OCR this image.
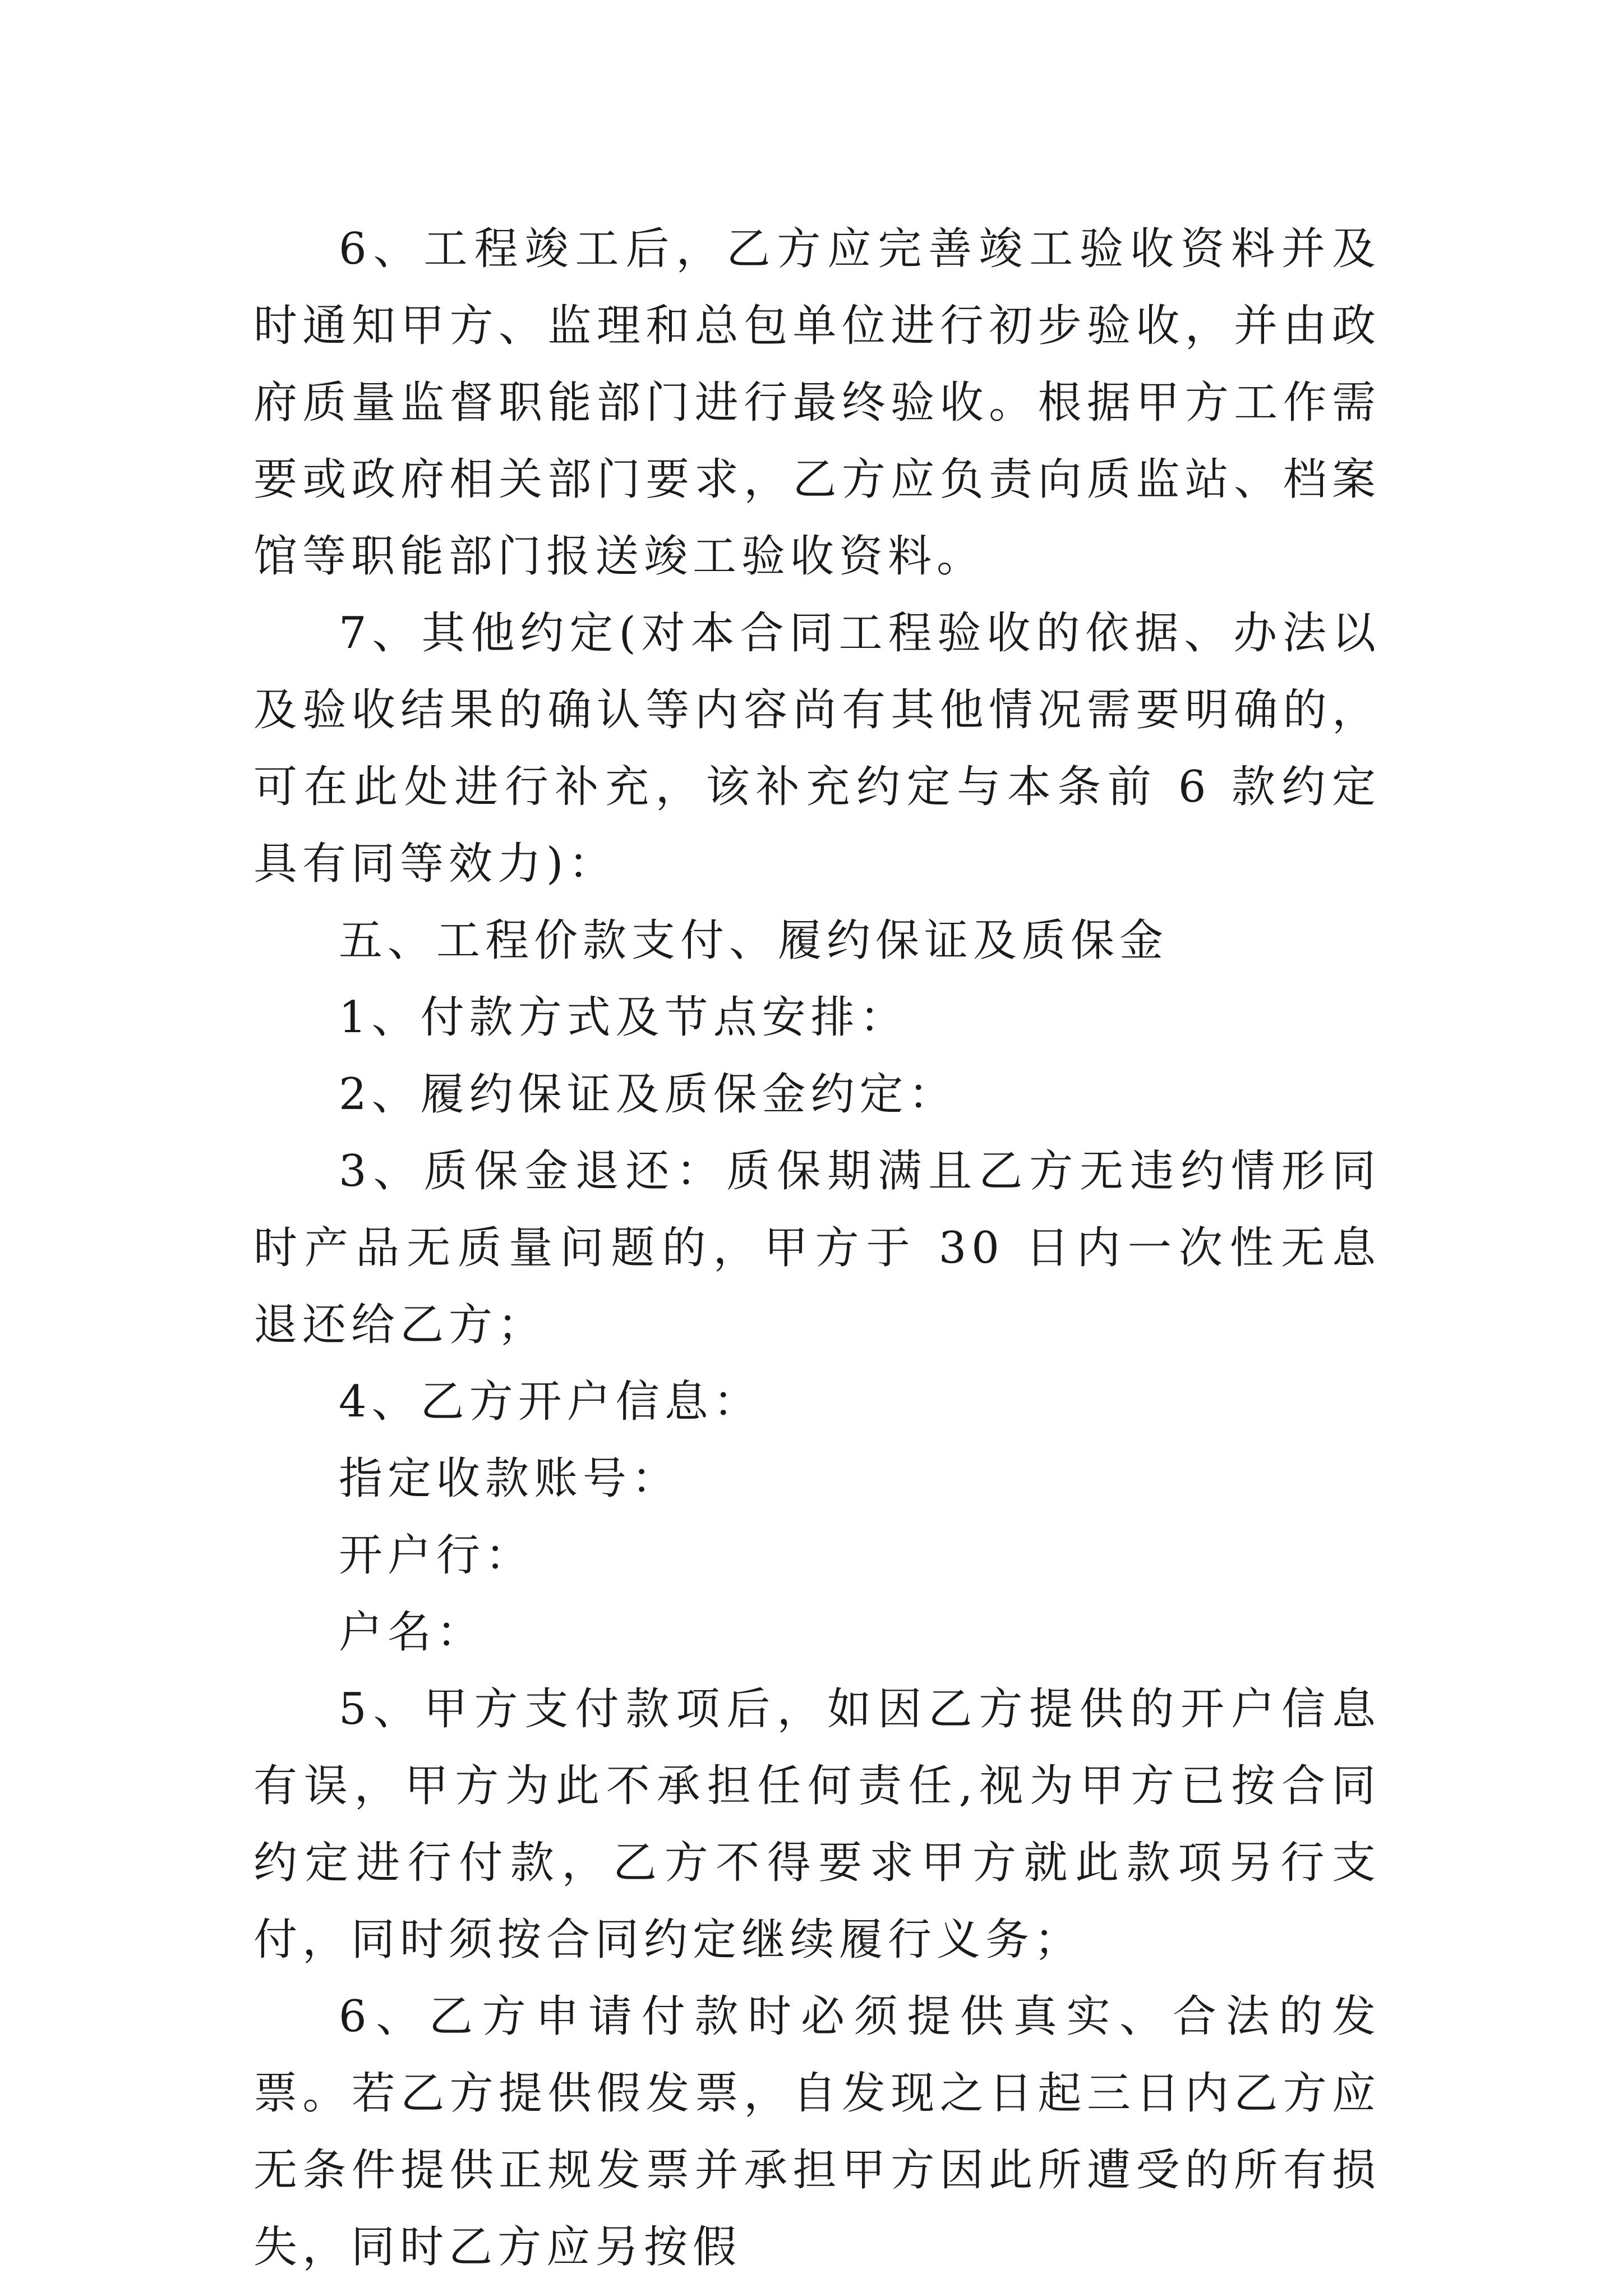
6、工程竣工后，乙方应完善竣工验收资料并及时通知甲方、监理和总包单位进行初步验收，并由政府质量监督职能部门进行最终验收。根据甲方工作需要或政府相关部门要求，乙方应负责向质监站、档案馆等职能部门报送竣工验收资料。

7、其他约定(对本合同工程验收的依据、办法以及验收结果的确认等内容尚有其他情况需要明确的，可在此处进行补充，该补充约定与本条前 6 款约定具有同等效力)：

五、工程价款支付、履约保证及质保金

1、付款方式及节点安排：

2、履约保证及质保金约定：

3、质保金退还：质保期满且乙方无违约情形同时产品无质量问题的，甲方于 30 日内一次性无息退还给乙方；

4、乙方开户信息：

指定收款账号：

开户行：

户名：

5、甲方支付款项后，如因乙方提供的开户信息有误，甲方为此不承担任何责任,视为甲方已按合同约定进行付款，乙方不得要求甲方就此款项另行支付，同时须按合同约定继续履行义务；

6、乙方申请付款时必须提供真实、合法的发票。若乙方提供假发票，自发现之日起三日内乙方应无条件提供正规发票并承担甲方因此所遭受的所有损失，同时乙方应另按假
